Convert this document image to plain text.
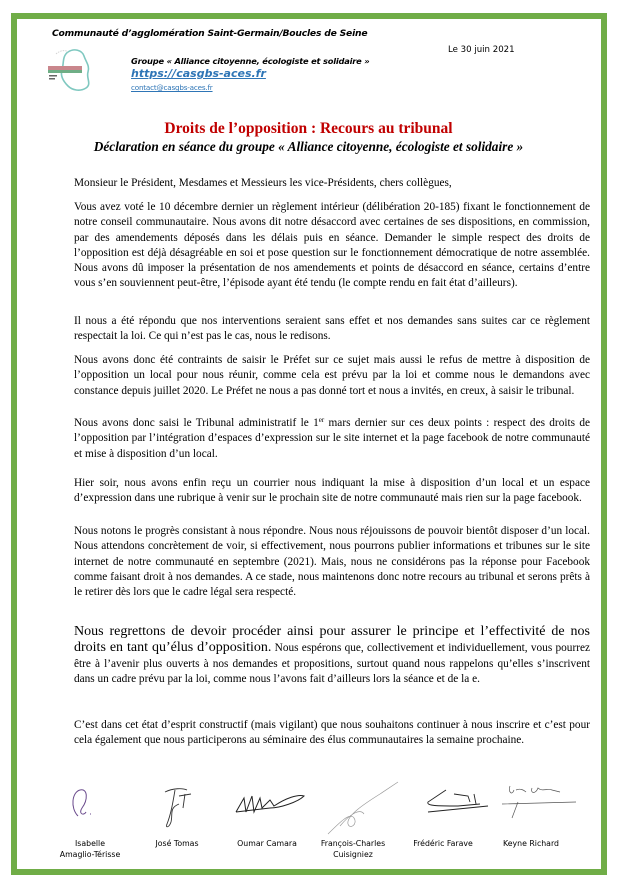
Communauté d’agglomération Saint-Germain/Boucles de Seine
Le 30 juin 2021
Groupe « Alliance citoyenne, écologiste et solidaire »
https://casgbs-aces.fr
contact@casgbs-aces.fr
Droits de l’opposition : Recours au tribunal
Déclaration en séance du groupe « Alliance citoyenne, écologiste et solidaire »

Monsieur le Président, Mesdames et Messieurs les vice-Présidents, chers collègues,

Vous avez voté le 10 décembre dernier un règlement intérieur (délibération 20-185) fixant le fonctionnement de notre conseil communautaire. Nous avons dit notre désaccord avec certaines de ses dispositions, en commission, par des amendements déposés dans les délais puis en séance. Demander le simple respect des droits de l’opposition est déjà désagréable en soi et pose question sur le fonctionnement démocratique de notre assemblée. Nous avons dû imposer la présentation de nos amendements et points de désaccord en séance, certains d’entre vous s’en souviennent peut-être, l’épisode ayant été tendu (le compte rendu en fait état d’ailleurs).

Il nous a été répondu que nos interventions seraient sans effet et nos demandes sans suites car ce règlement respectait la loi. Ce qui n’est pas le cas, nous le redisons.

Nous avons donc été contraints de saisir le Préfet sur ce sujet mais aussi le refus de mettre à disposition de l’opposition un local pour nous réunir, comme cela est prévu par la loi et comme nous le demandons avec constance depuis juillet 2020. Le Préfet ne nous a pas donné tort et nous a invités, en creux, à saisir le tribunal.

Nous avons donc saisi le Tribunal administratif le 1er mars dernier sur ces deux points : respect des droits de l’opposition par l’intégration d’espaces d’expression sur le site internet et la page facebook de notre communauté et mise à disposition d’un local.

Hier soir, nous avons enfin reçu un courrier nous indiquant la mise à disposition d’un local et un espace d’expression dans une rubrique à venir sur le prochain site de notre communauté mais rien sur la page facebook.

Nous notons le progrès consistant à nous répondre. Nous nous réjouissons de pouvoir bientôt disposer d’un local. Nous attendons concrètement de voir, si effectivement, nous pourrons publier informations et tribunes sur le site internet de notre communauté en septembre (2021). Mais, nous ne considérons pas la réponse pour Facebook comme faisant droit à nos demandes. A ce stade, nous maintenons donc notre recours au tribunal et serons prêts à le retirer dès lors que le cadre légal sera respecté.

Nous regrettons de devoir procéder ainsi pour assurer le principe et l’effectivité de nos droits en tant qu’élus d’opposition. Nous espérons que, collectivement et individuellement, vous pourrez être à l’avenir plus ouverts à nos demandes et propositions, surtout quand nous rappelons qu’elles s’inscrivent dans un cadre prévu par la loi, comme nous l’avons fait d’ailleurs lors la séance et de la e.

C’est dans cet état d’esprit constructif (mais vigilant) que nous souhaitons continuer à nous inscrire et c’est pour cela également que nous participerons au séminaire des élus communautaires la semaine prochaine.

Isabelle
Amaglio-Térisse
José Tomas	Oumar Camara	François-Charles
Cuisigniez
Frédéric Farave	Keyne Richard
